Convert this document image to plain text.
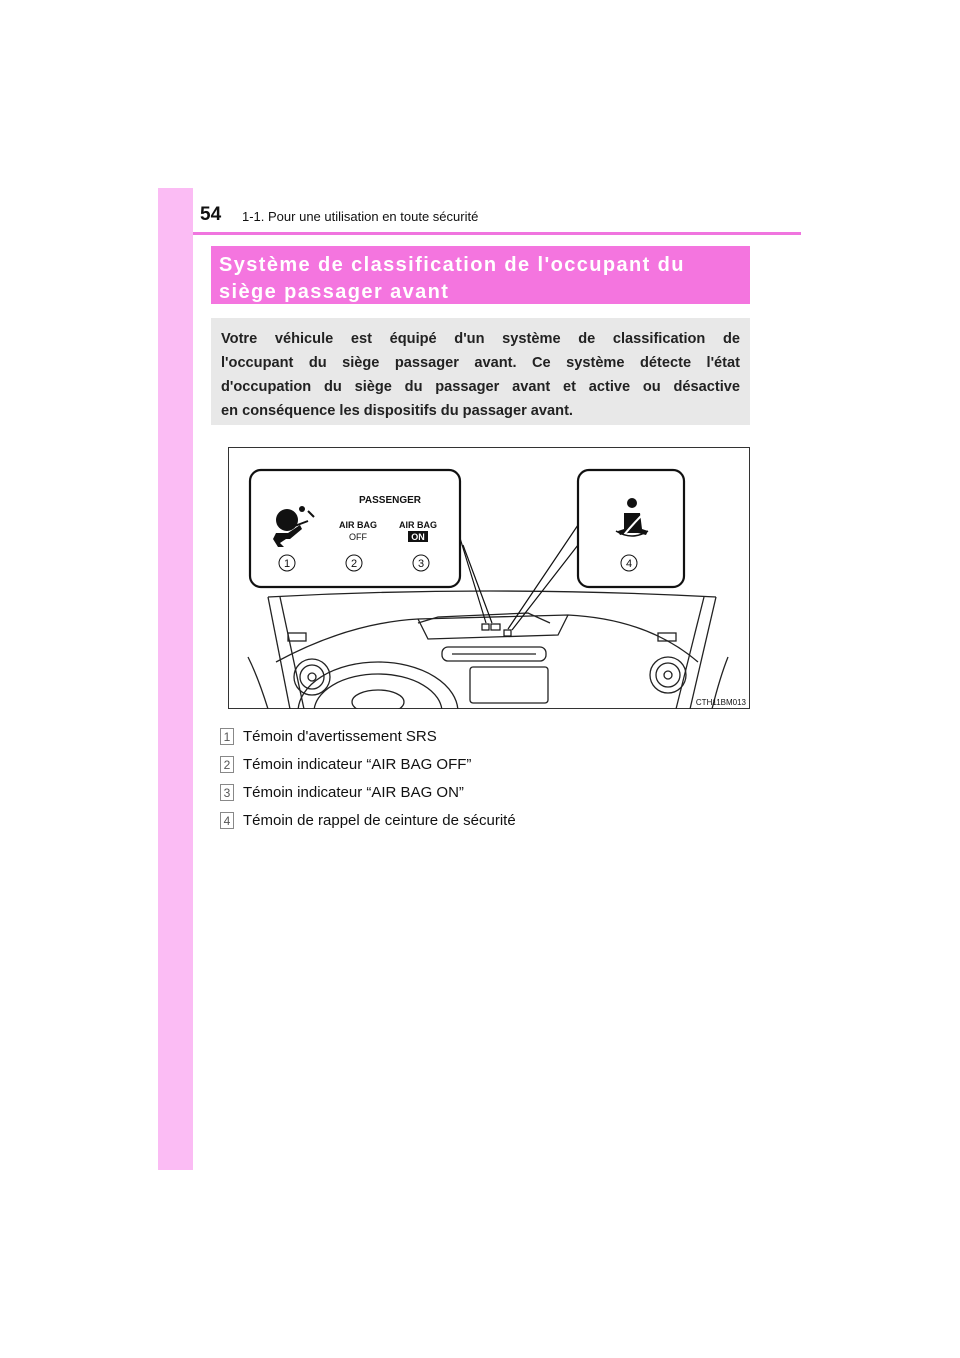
54 1-1. Pour une utilisation en toute sécurité
Système de classification de l'occupant du
siège passager avant
Votre véhicule est équipé d'un système de classification de
l'occupant du siège passager avant. Ce système détecte l'état
d'occupation du siège du passager avant et active ou désactive
en conséquence les dispositifs du passager avant.
PASSENGER
AIR BAG
OFF
AIR BAG
ON
1	2	3	4
CTH11BM013
1 Témoin d'avertissement SRS
2 Témoin indicateur “AIR BAG OFF”
3 Témoin indicateur “AIR BAG ON”
4 Témoin de rappel de ceinture de sécurité
